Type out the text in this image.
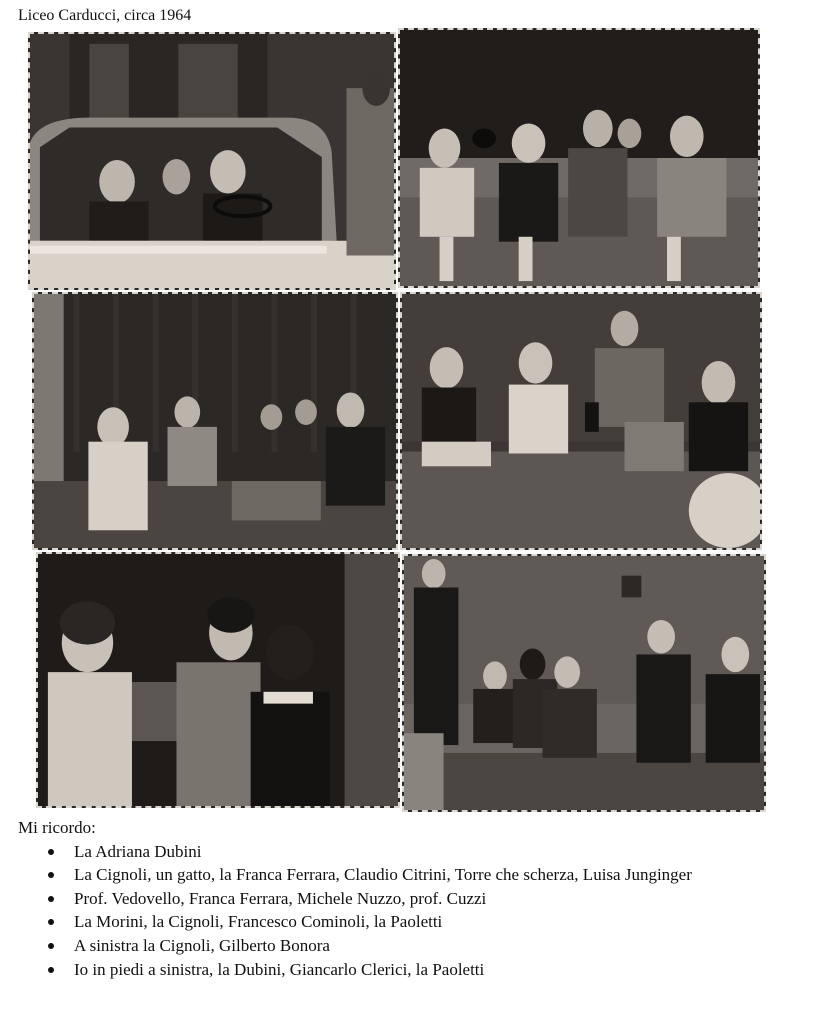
Liceo Carducci, circa 1964

Mi ricordo:

La Adriana Dubini
La Cignoli, un gatto, la Franca Ferrara, Claudio Citrini, Torre che scherza, Luisa Junginger
Prof. Vedovello, Franca Ferrara, Michele Nuzzo, prof. Cuzzi
La Morini, la Cignoli, Francesco Cominoli, la Paoletti
A sinistra la Cignoli, Gilberto Bonora
Io in piedi a sinistra, la Dubini, Giancarlo Clerici, la Paoletti
